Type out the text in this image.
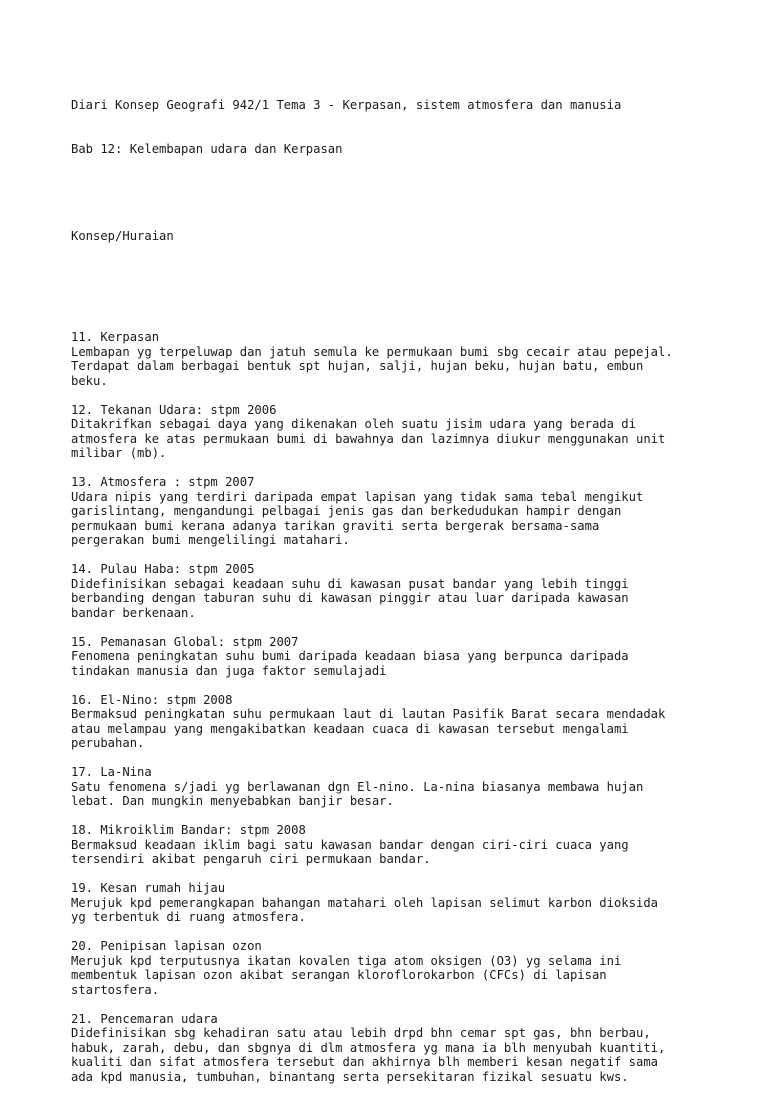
Diari Konsep Geografi 942/1 Tema 3 - Kerpasan, sistem atmosfera dan manusia

Bab 12: Kelembapan udara dan Kerpasan

Konsep/Huraian

11. Kerpasan
Lembapan yg terpeluwap dan jatuh semula ke permukaan bumi sbg cecair atau pepejal.
Terdapat dalam berbagai bentuk spt hujan, salji, hujan beku, hujan batu, embun
beku.
12. Tekanan Udara: stpm 2006
Ditakrifkan sebagai daya yang dikenakan oleh suatu jisim udara yang berada di
atmosfera ke atas permukaan bumi di bawahnya dan lazimnya diukur menggunakan unit
milibar (mb).
13. Atmosfera : stpm 2007
Udara nipis yang terdiri daripada empat lapisan yang tidak sama tebal mengikut
garislintang, mengandungi pelbagai jenis gas dan berkedudukan hampir dengan
permukaan bumi kerana adanya tarikan graviti serta bergerak bersama-sama
pergerakan bumi mengelilingi matahari.
14. Pulau Haba: stpm 2005
Didefinisikan sebagai keadaan suhu di kawasan pusat bandar yang lebih tinggi
berbanding dengan taburan suhu di kawasan pinggir atau luar daripada kawasan
bandar berkenaan.
15. Pemanasan Global: stpm 2007
Fenomena peningkatan suhu bumi daripada keadaan biasa yang berpunca daripada
tindakan manusia dan juga faktor semulajadi
16. El-Nino: stpm 2008
Bermaksud peningkatan suhu permukaan laut di lautan Pasifik Barat secara mendadak
atau melampau yang mengakibatkan keadaan cuaca di kawasan tersebut mengalami
perubahan.
17. La-Nina
Satu fenomena s/jadi yg berlawanan dgn El-nino. La-nina biasanya membawa hujan
lebat. Dan mungkin menyebabkan banjir besar.
18. Mikroiklim Bandar: stpm 2008
Bermaksud keadaan iklim bagi satu kawasan bandar dengan ciri-ciri cuaca yang
tersendiri akibat pengaruh ciri permukaan bandar.
19. Kesan rumah hijau
Merujuk kpd pemerangkapan bahangan matahari oleh lapisan selimut karbon dioksida
yg terbentuk di ruang atmosfera.
20. Penipisan lapisan ozon
Merujuk kpd terputusnya ikatan kovalen tiga atom oksigen (O3) yg selama ini
membentuk lapisan ozon akibat serangan kloroflorokarbon (CFCs) di lapisan
startosfera.
21. Pencemaran udara
Didefinisikan sbg kehadiran satu atau lebih drpd bhn cemar spt gas, bhn berbau,
habuk, zarah, debu, dan sbgnya di dlm atmosfera yg mana ia blh menyubah kuantiti,
kualiti dan sifat atmosfera tersebut dan akhirnya blh memberi kesan negatif sama
ada kpd manusia, tumbuhan, binantang serta persekitaran fizikal sesuatu kws.
